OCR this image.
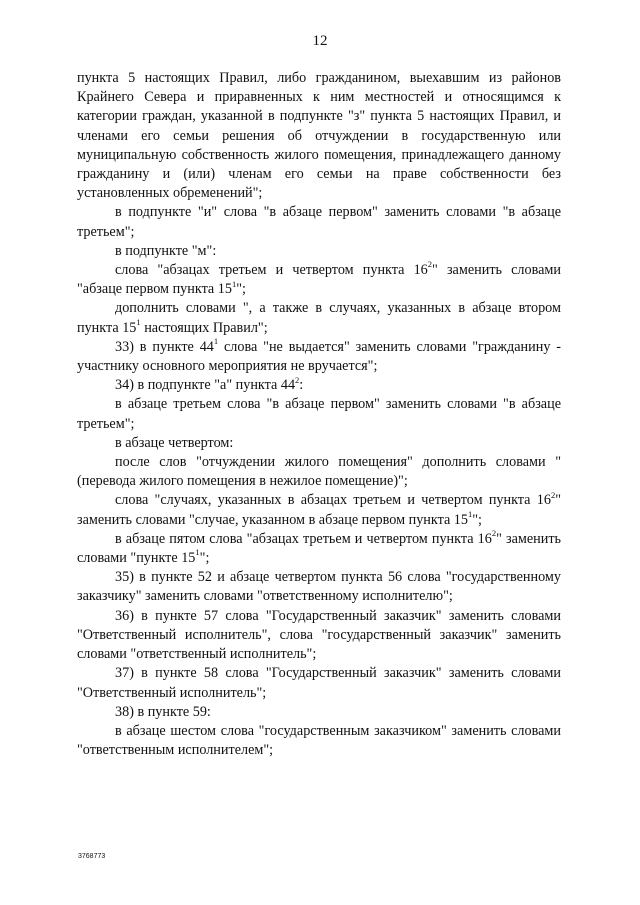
12

пункта 5 настоящих Правил, либо гражданином, выехавшим из районов Крайнего Севера и приравненных к ним местностей и относящимся к категории граждан, указанной в подпункте "з" пункта 5 настоящих Правил, и членами его семьи решения об отчуждении в государственную или муниципальную собственность жилого помещения, принадлежащего данному гражданину и (или) членам его семьи на праве собственности без установленных обременений";

в подпункте "и" слова "в абзаце первом" заменить словами "в абзаце третьем";

в подпункте "м":

слова "абзацах третьем и четвертом пункта $16^2$" заменить словами "абзаце первом пункта $15^1$";

дополнить словами ", а также в случаях, указанных в абзаце втором пункта $15^1$ настоящих Правил";

33) в пункте $44^1$ слова "не выдается" заменить словами "гражданину - участнику основного мероприятия не вручается";

34) в подпункте "а" пункта $44^2$:

в абзаце третьем слова "в абзаце первом" заменить словами "в абзаце третьем";

в абзаце четвертом:

после слов "отчуждении жилого помещения" дополнить словами "(перевода жилого помещения в нежилое помещение)";

слова "случаях, указанных в абзацах третьем и четвертом пункта $16^2$" заменить словами "случае, указанном в абзаце первом пункта $15^1$";

в абзаце пятом слова "абзацах третьем и четвертом пункта $16^2$" заменить словами "пункте $15^1$";

35) в пункте 52 и абзаце четвертом пункта 56 слова "государственному заказчику" заменить словами "ответственному исполнителю";

36) в пункте 57 слова "Государственный заказчик" заменить словами "Ответственный исполнитель", слова "государственный заказчик" заменить словами "ответственный исполнитель";

37) в пункте 58 слова "Государственный заказчик" заменить словами "Ответственный исполнитель";

38) в пункте 59:

в абзаце шестом слова "государственным заказчиком" заменить словами "ответственным исполнителем";

3768773
